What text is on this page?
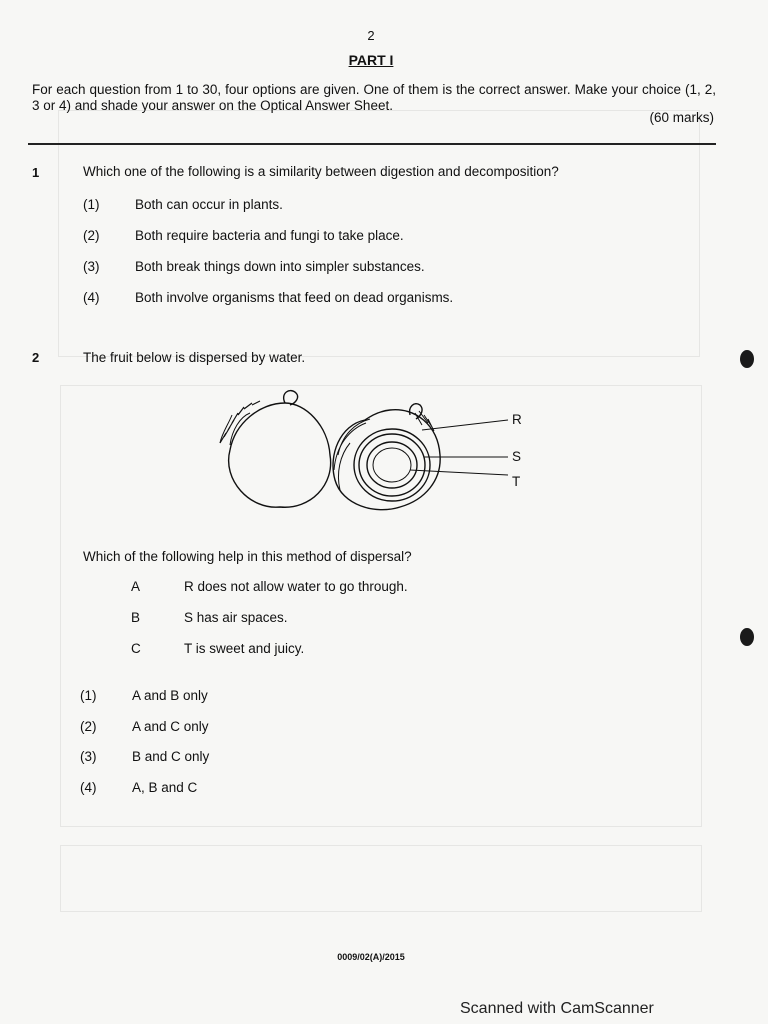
2
PART I
For each question from 1 to 30, four options are given. One of them is the correct answer. Make your choice (1, 2, 3 or 4) and shade your answer on the Optical Answer Sheet.
(60 marks)
1	Which one of the following is a similarity between digestion and decomposition?
(1)	Both can occur in plants.
(2)	Both require bacteria and fungi to take place.
(3)	Both break things down into simpler substances.
(4)	Both involve organisms that feed on dead organisms.
2	The fruit below is dispersed by water.
R
S
T
Which of the following help in this method of dispersal?
A	R does not allow water to go through.
B	S has air spaces.
C	T is sweet and juicy.
(1)	A and B only
(2)	A and C only
(3)	B and C only
(4)	A, B and C
0009/02(A)/2015
Scanned with CamScanner
